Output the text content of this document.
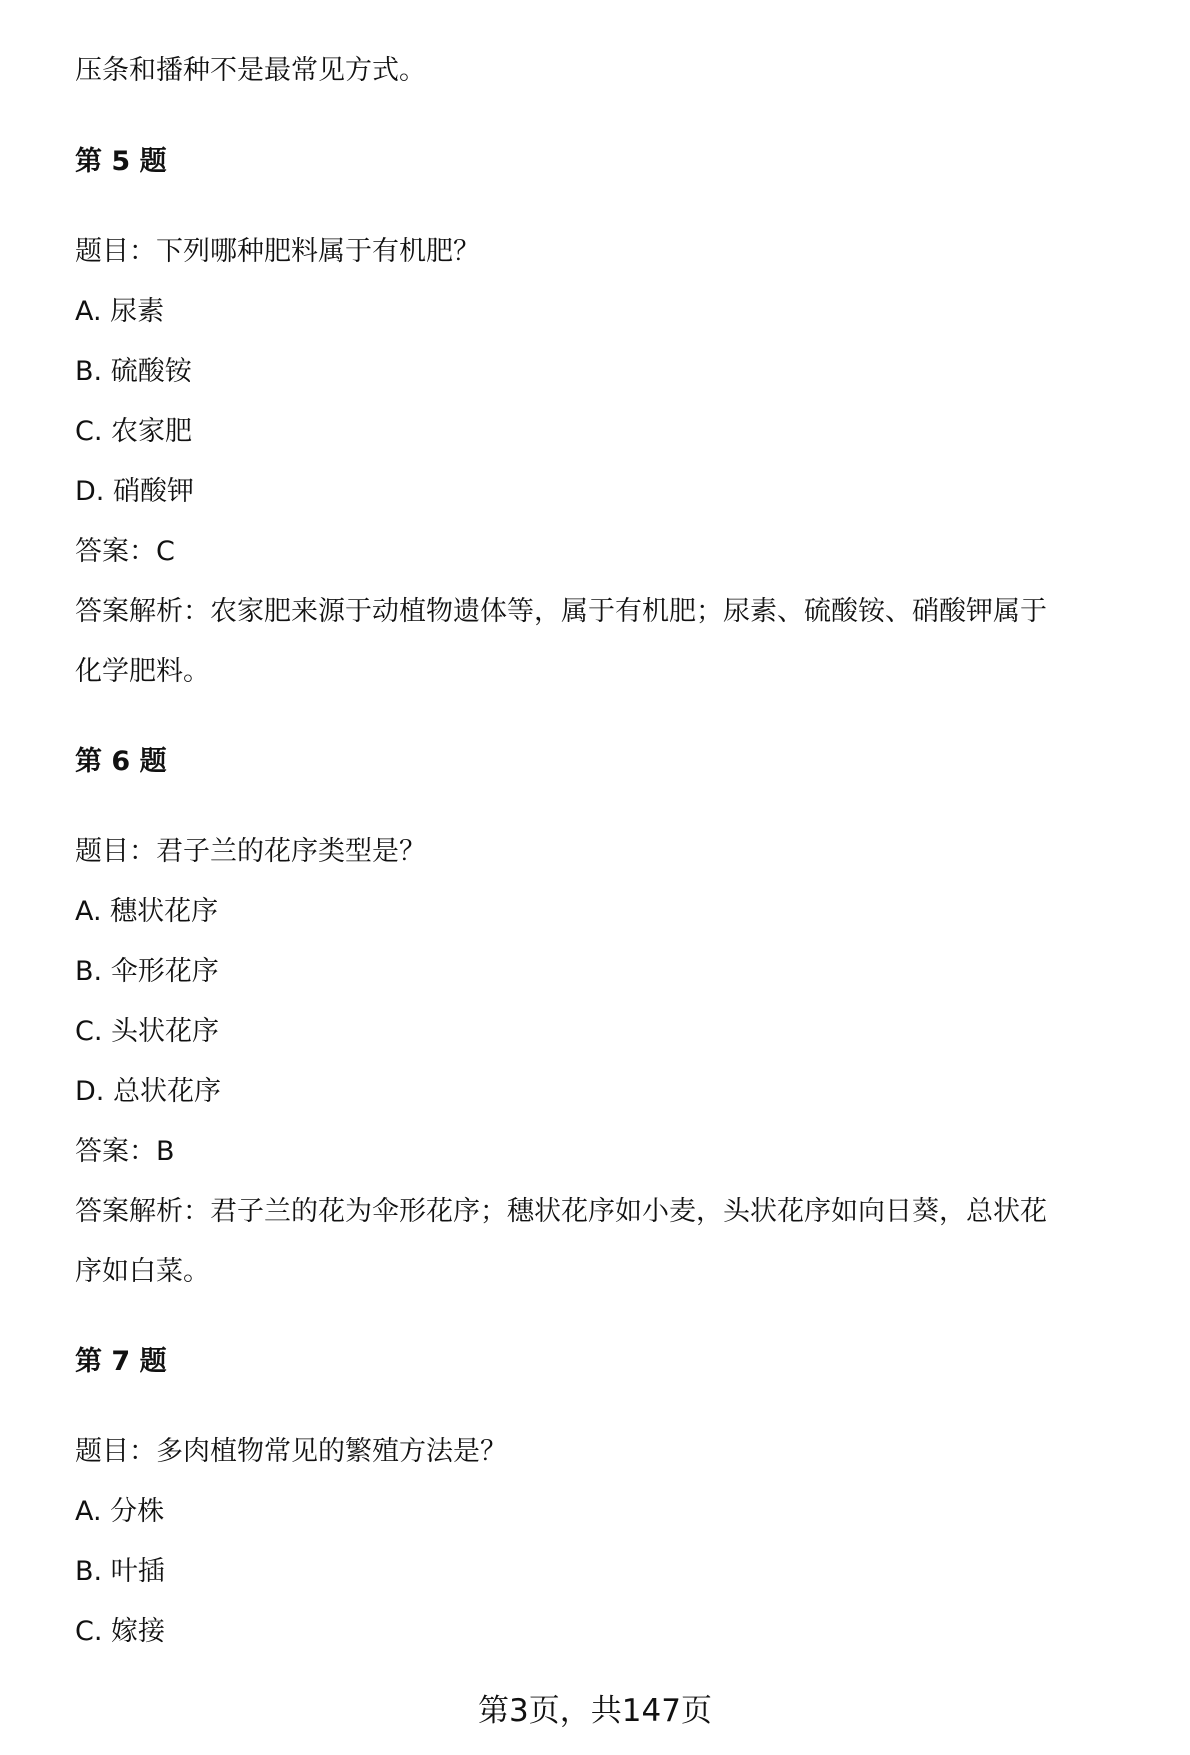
压条和播种不是最常见方式。
第 5 题
题目：下列哪种肥料属于有机肥？
A. 尿素
B. 硫酸铵
C. 农家肥
D. 硝酸钾
答案：C
答案解析：农家肥来源于动植物遗体等，属于有机肥；尿素、硫酸铵、硝酸钾属于
化学肥料。
第 6 题
题目：君子兰的花序类型是？
A. 穗状花序
B. 伞形花序
C. 头状花序
D. 总状花序
答案：B
答案解析：君子兰的花为伞形花序；穗状花序如小麦，头状花序如向日葵，总状花
序如白菜。
第 7 题
题目：多肉植物常见的繁殖方法是？
A. 分株
B. 叶插
C. 嫁接
第3页，共147页
